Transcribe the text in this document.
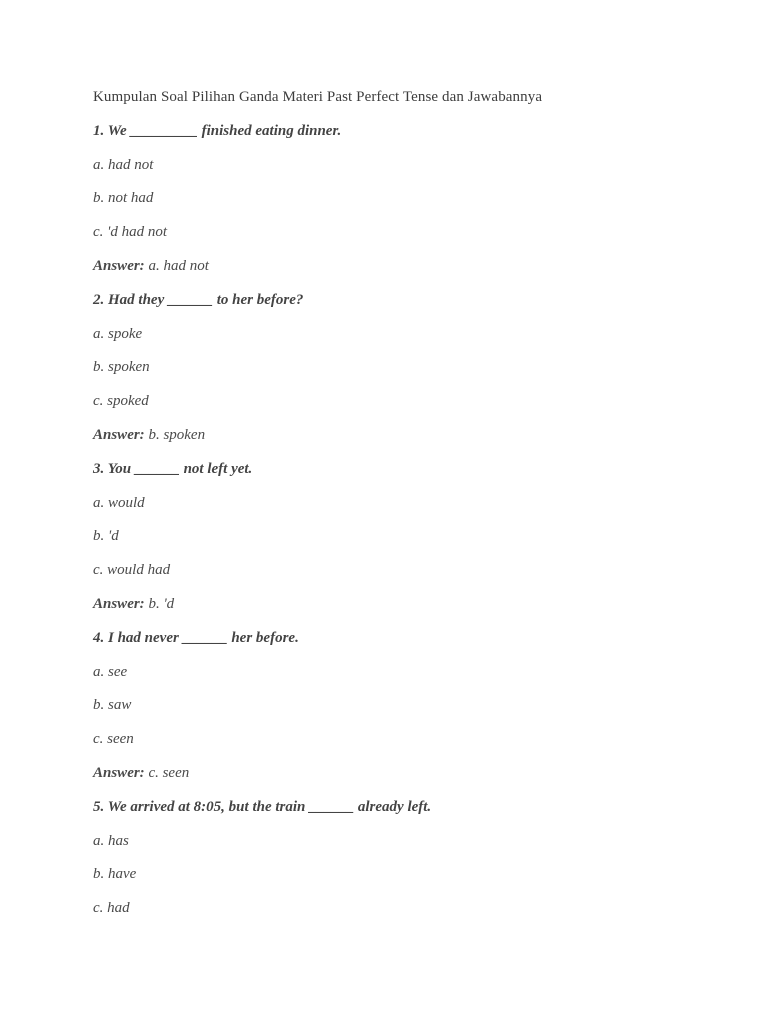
Kumpulan Soal Pilihan Ganda Materi Past Perfect Tense dan Jawabannya
1. We _________ finished eating dinner.
a. had not
b. not had
c. 'd had not
Answer: a. had not
2. Had they ______ to her before?
a. spoke
b. spoken
c. spoked
Answer: b. spoken
3. You ______ not left yet.
a. would
b. 'd
c. would had
Answer: b. 'd
4. I had never ______ her before.
a. see
b. saw
c. seen
Answer: c. seen
5. We arrived at 8:05, but the train ______ already left.
a. has
b. have
c. had
